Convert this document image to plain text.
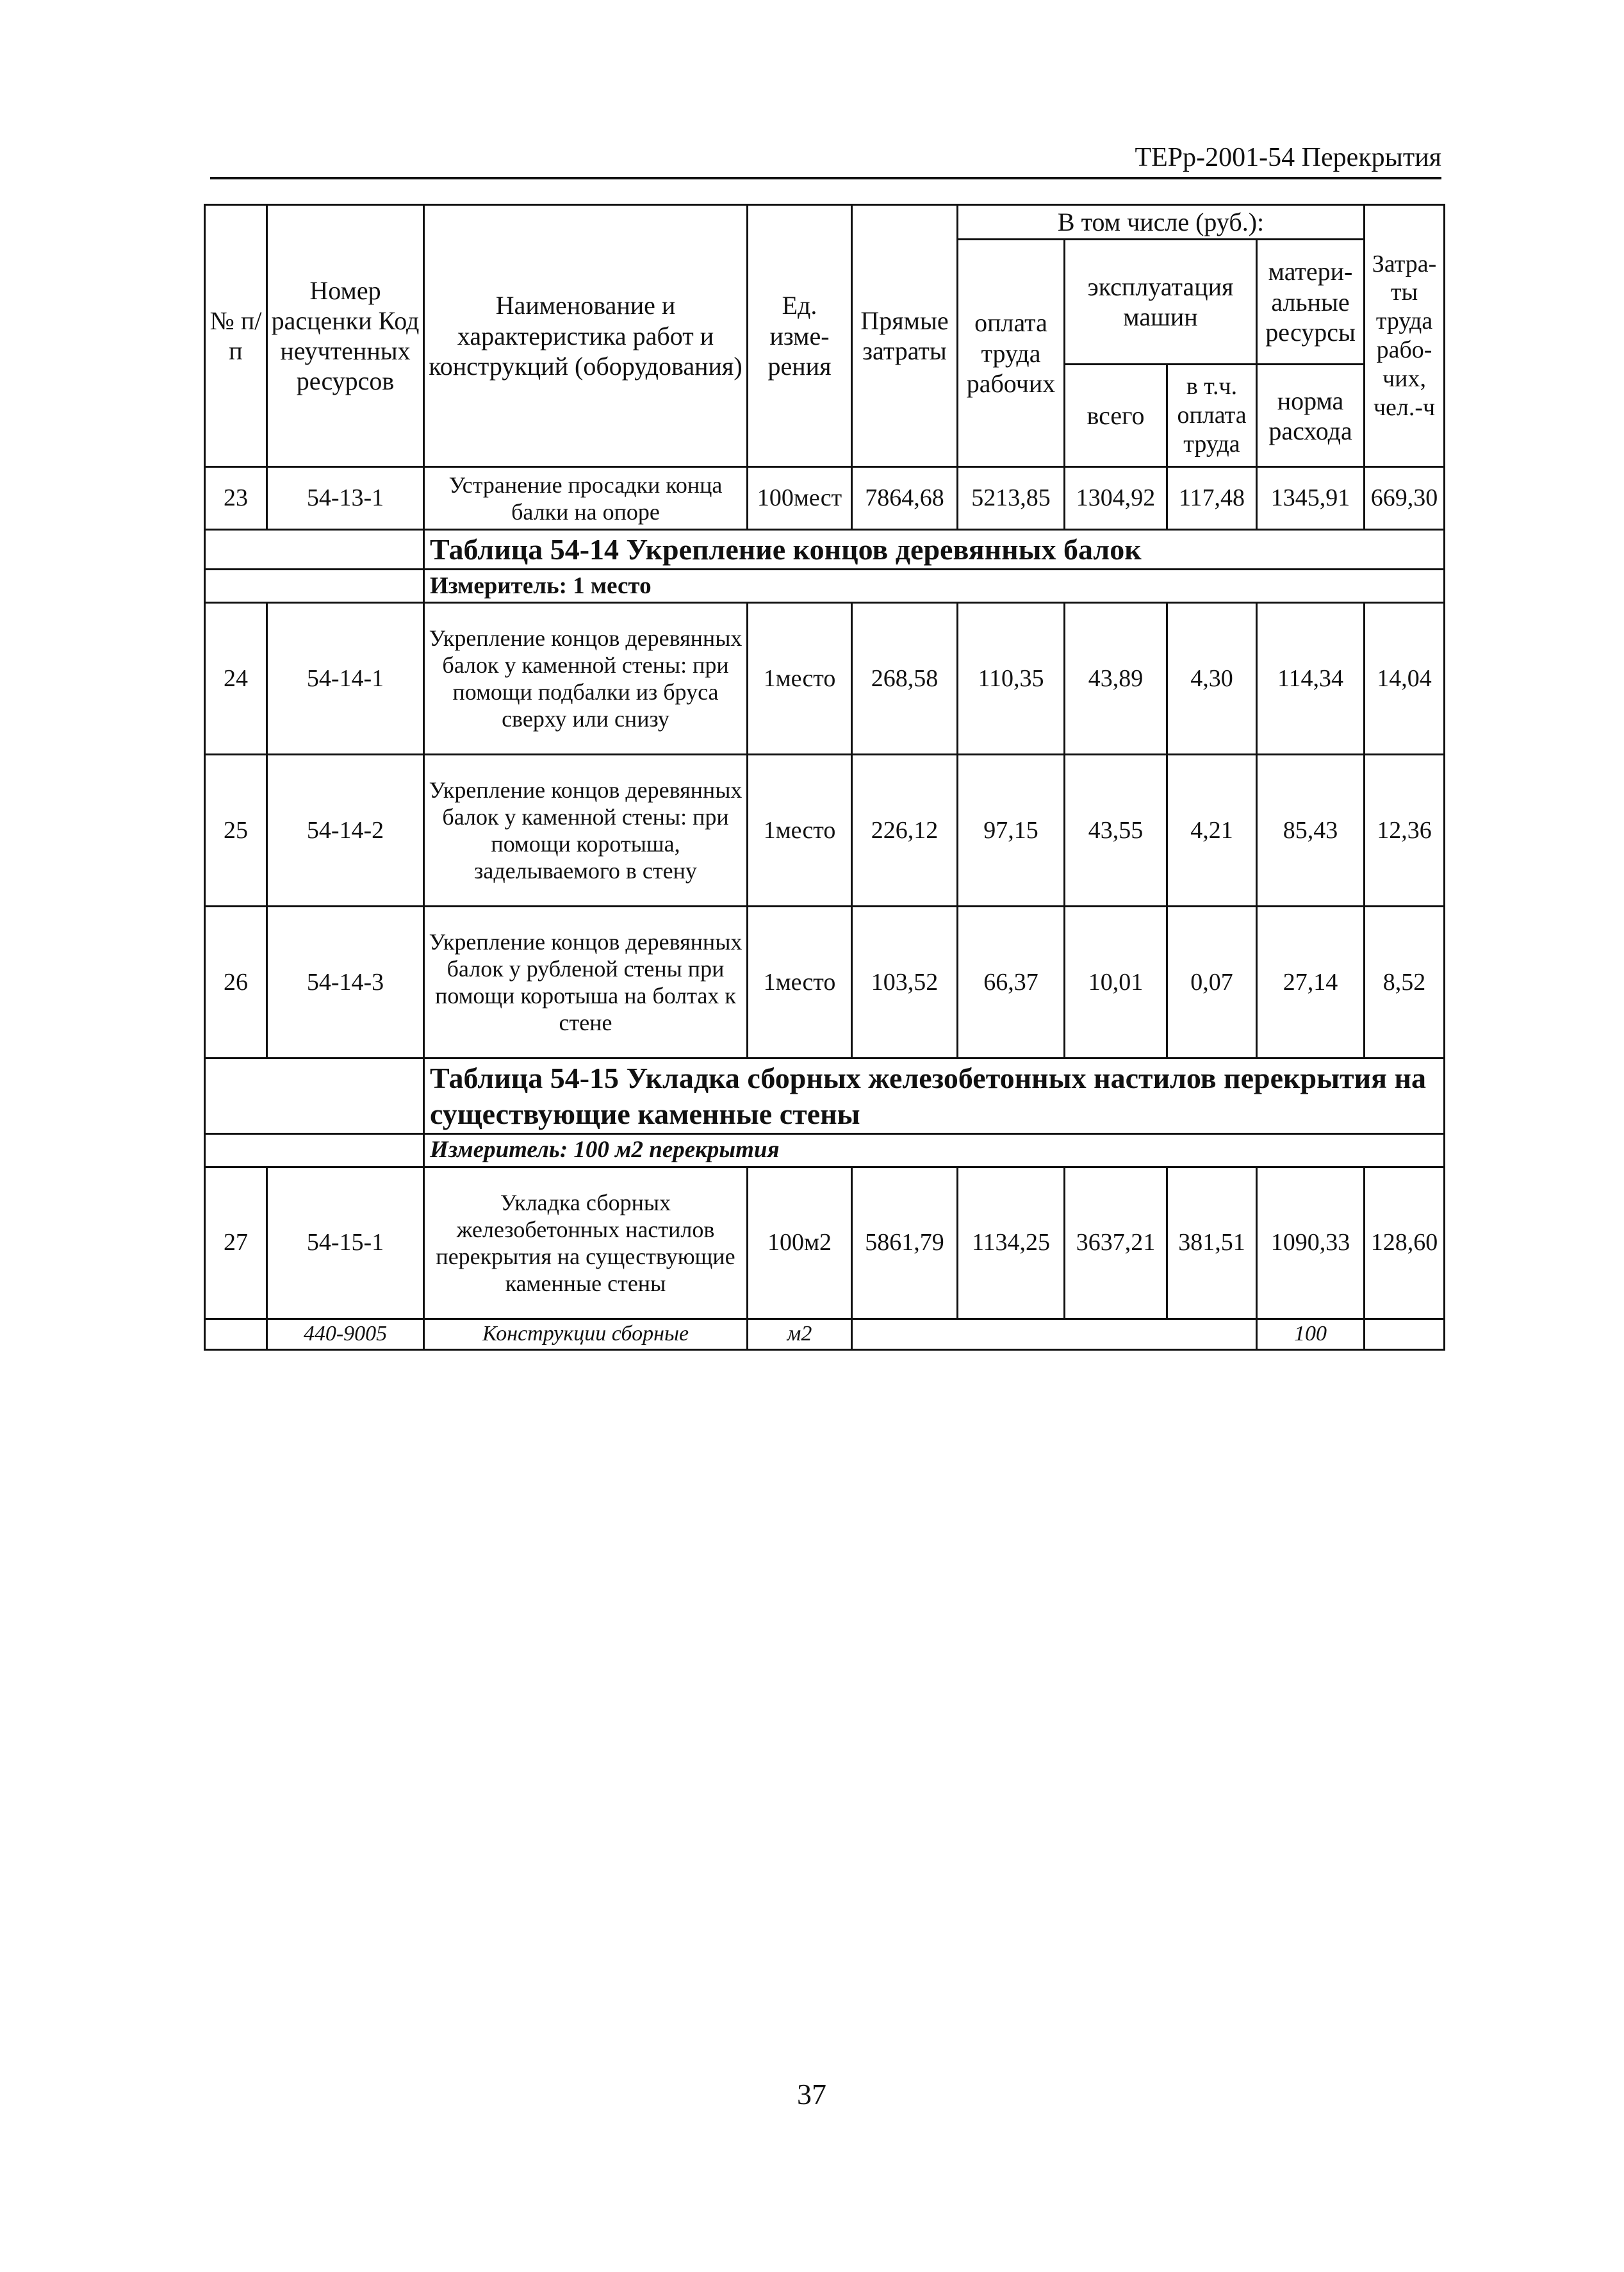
ТЕРр-2001-54 Перекрытия
№ п/п	Номер расценки Код неучтенных ресурсов	Наименование и характеристика работ и конструкций (оборудования)	Ед. изме-рения	Прямые затраты	В том числе (руб.):				Затра-ты труда рабо-чих, чел.-ч
					оплата труда рабочих	эксплуатация машин		матери-альные ресурсы	
						всего	в т.ч. оплата труда	норма расхода	
23	54-13-1	Устранение просадки конца балки на опоре	100мест	7864,68	5213,85	1304,92	117,48	1345,91	669,30
		Таблица 54-14 Укрепление концов деревянных балок							
		Измеритель: 1 место							
24	54-14-1	Укрепление концов деревянных балок у каменной стены: при помощи подбалки из бруса сверху или снизу	1место	268,58	110,35	43,89	4,30	114,34	14,04
25	54-14-2	Укрепление концов деревянных балок у каменной стены: при помощи коротыша, заделываемого в стену	1место	226,12	97,15	43,55	4,21	85,43	12,36
26	54-14-3	Укрепление концов деревянных балок у рубленой стены при помощи коротыша на болтах к стене	1место	103,52	66,37	10,01	0,07	27,14	8,52
		Таблица 54-15 Укладка сборных железобетонных настилов перекрытия на существующие каменные стены							
		Измеритель: 100 м2 перекрытия							
27	54-15-1	Укладка сборных железобетонных настилов перекрытия на существующие каменные стены	100м2	5861,79	1134,25	3637,21	381,51	1090,33	128,60
	440-9005	Конструкции сборные	м2					100	
37
